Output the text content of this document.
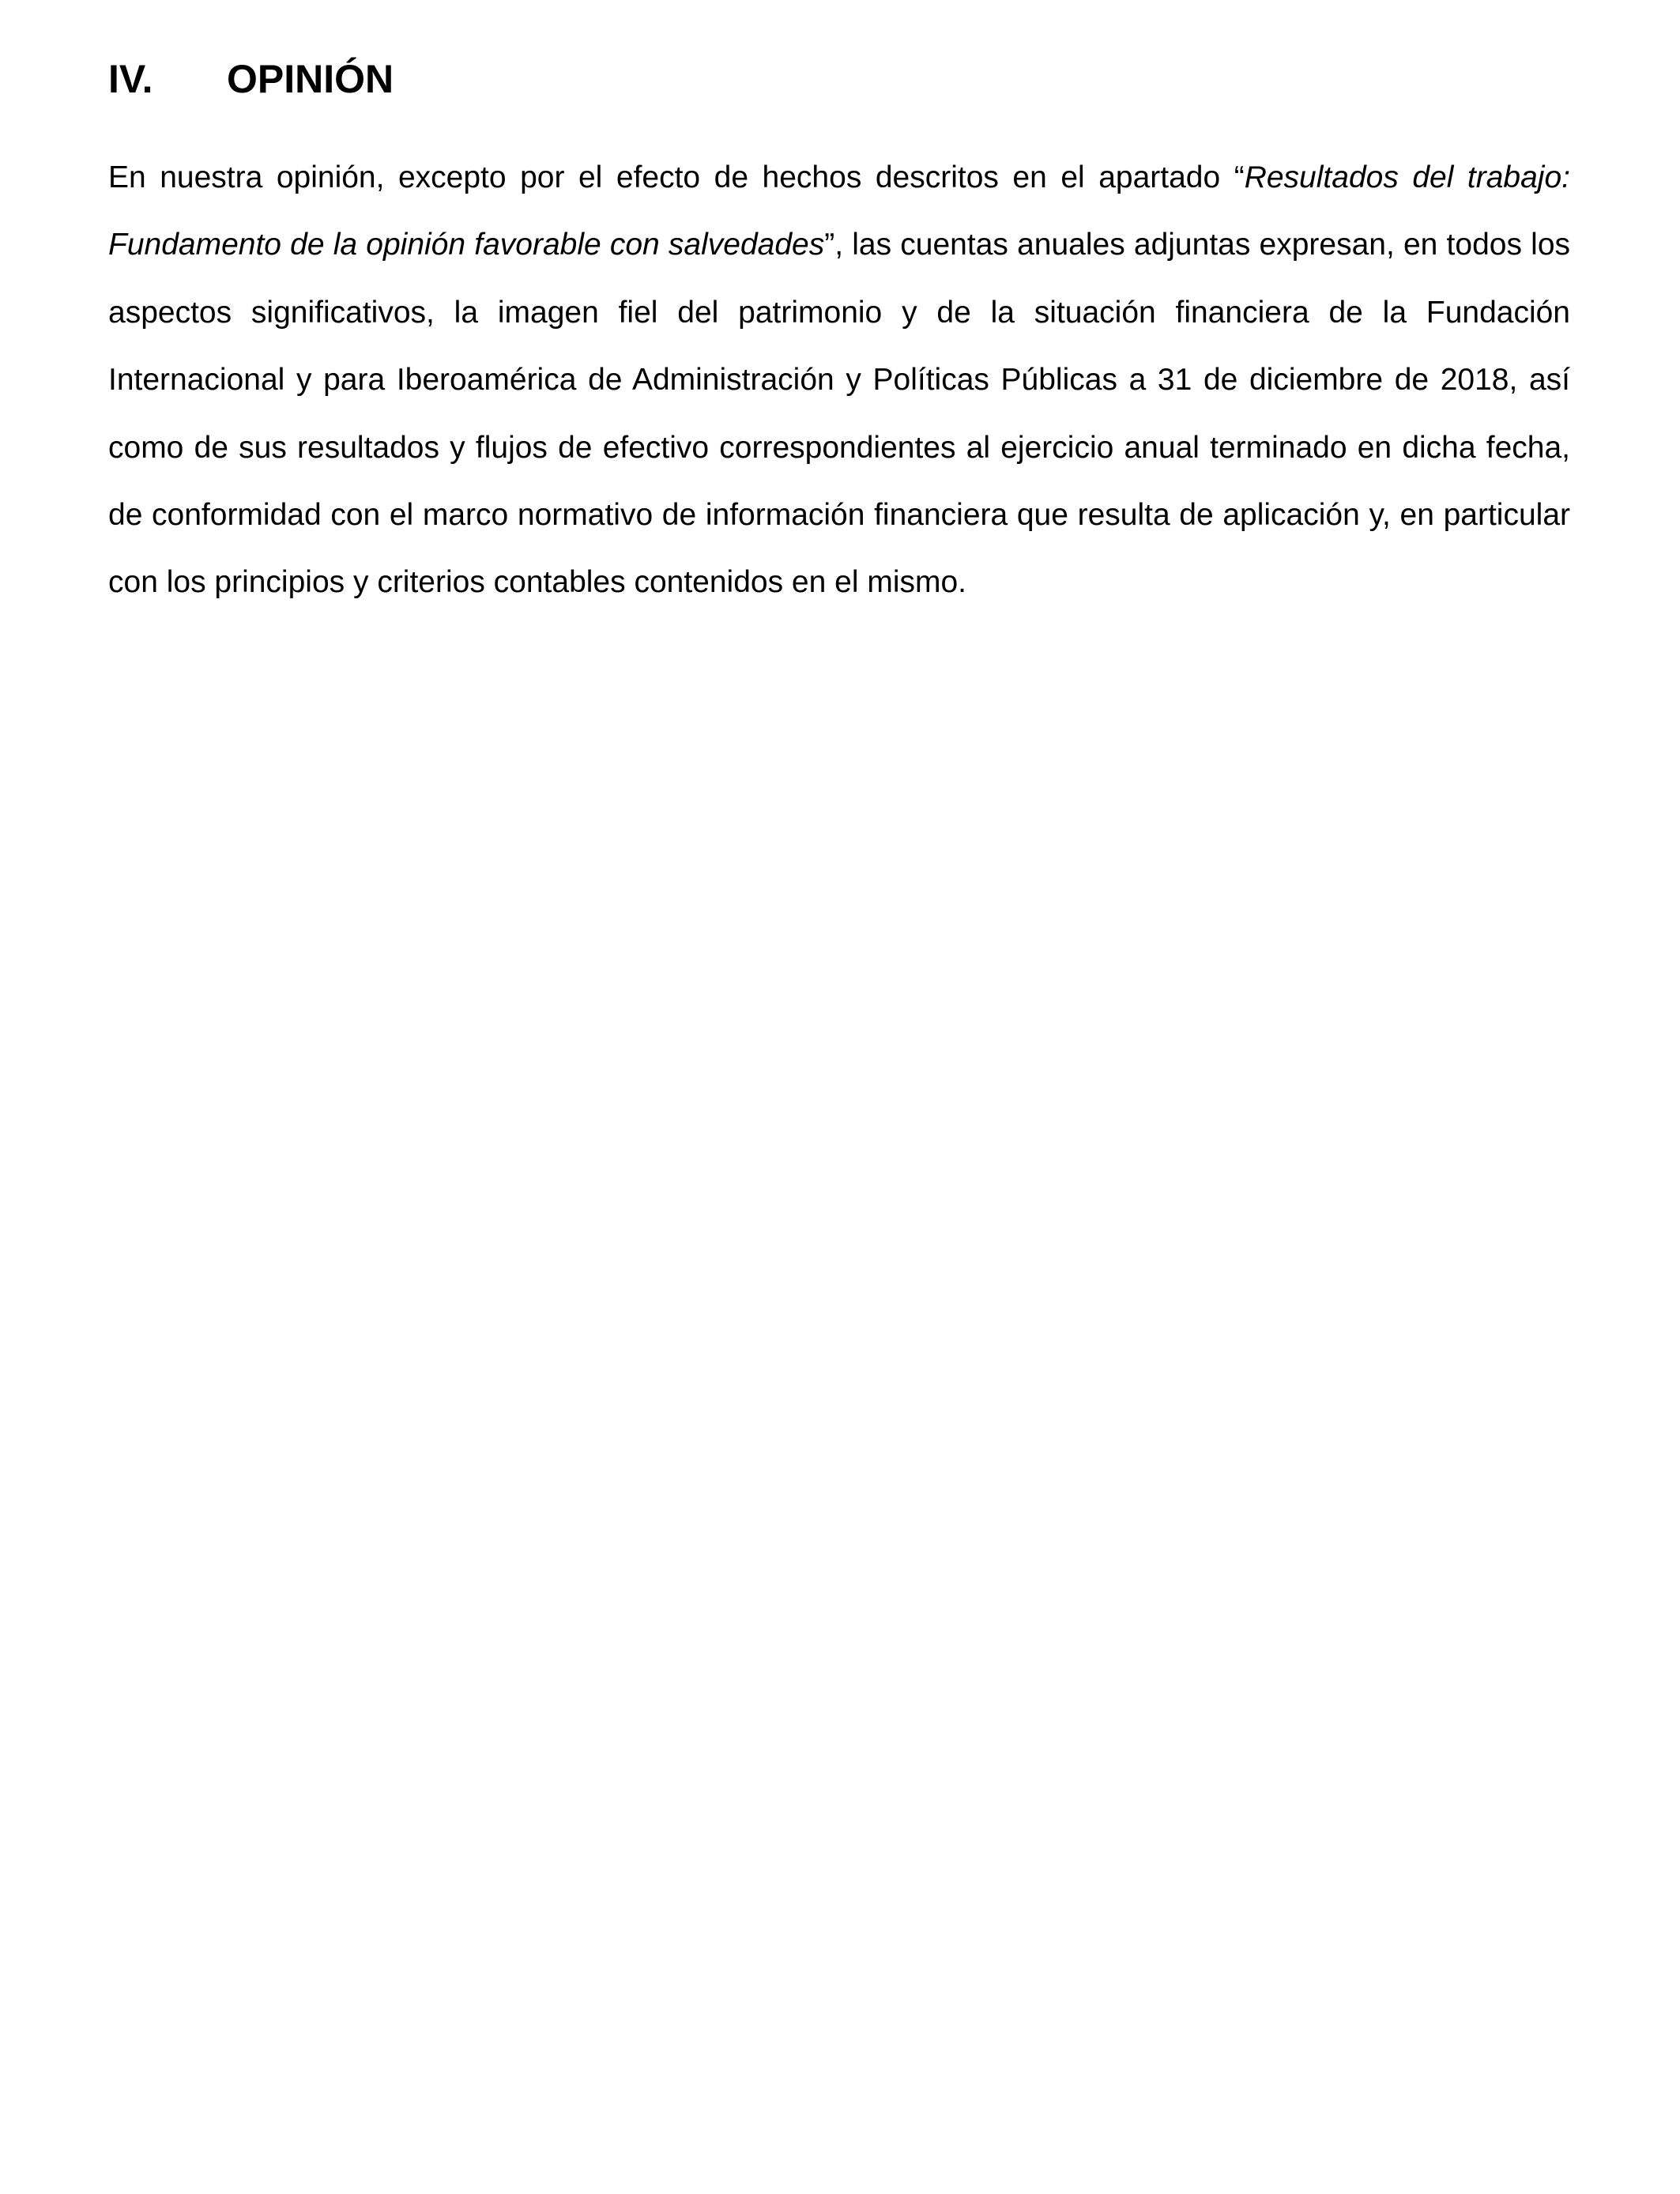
IV. OPINIÓN

En nuestra opinión, excepto por el efecto de hechos descritos en el apartado “Resultados del trabajo: Fundamento de la opinión favorable con salvedades”, las cuentas anuales adjuntas expresan, en todos los aspectos significativos, la imagen fiel del patrimonio y de la situación financiera de la Fundación Internacional y para Iberoamérica de Administración y Políticas Públicas a 31 de diciembre de 2018, así como de sus resultados y flujos de efectivo correspondientes al ejercicio anual terminado en dicha fecha, de conformidad con el marco normativo de información financiera que resulta de aplicación y, en particular con los principios y criterios contables contenidos en el mismo.
